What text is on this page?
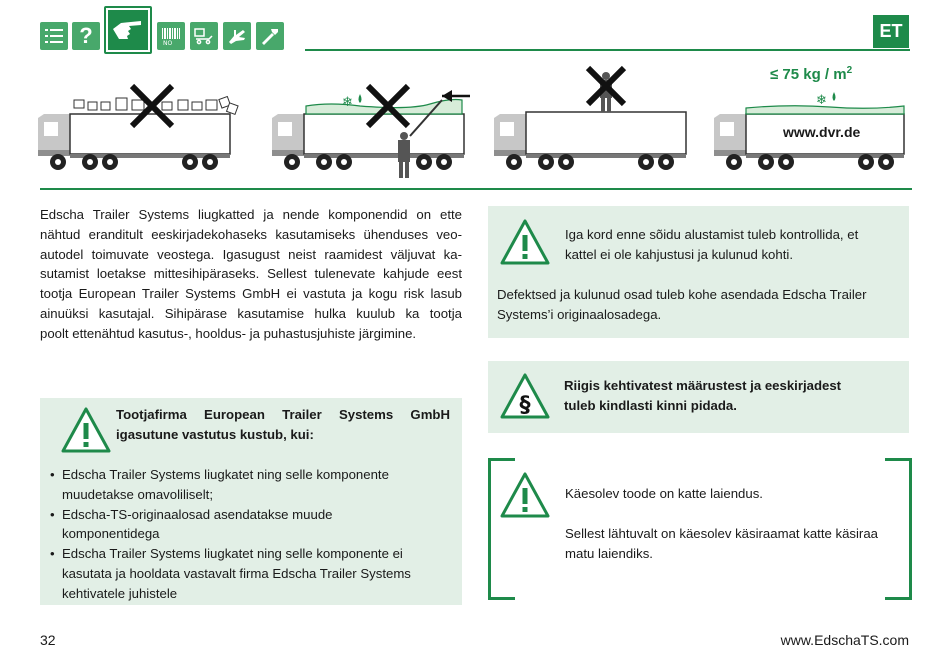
?	NO
ET
❄	❄
≤ 75 kg / $m^2$
www.dvr.de
Edscha Trailer Systems liugkatted ja nende komponendid on ette
nähtud eranditult eeskirjadekohaseks kasutamiseks ühenduses veo-
autodel toimuvate veostega. Igasugust neist raamidest väljuvat ka-
sutamist loetakse mittesihipäraseks. Sellest tulenevate kahjude eest
tootja European Trailer Systems GmbH ei vastuta ja kogu risk lasub
ainuüksi kasutajal. Sihipärase kasutamise hulka kuulub ka tootja
poolt ettenähtud kasutus-, hooldus- ja puhastusjuhiste järgimine.
Tootjafirma European Trailer Systems GmbH
igasutune vastutus kustub, kui:
• Edscha Trailer Systems liugkatet ning selle komponente
muudetakse omavoliliselt;
• Edscha-TS-originaalosad asendatakse muude
komponentidega
• Edscha Trailer Systems liugkatet ning selle komponente ei
kasutata ja hooldata vastavalt firma Edscha Trailer Systems
kehtivatele juhistele
Iga kord enne sõidu alustamist tuleb kontrollida, et
kattel ei ole kahjustusi ja kulunud kohti.
Defektsed ja kulunud osad tuleb kohe asendada Edscha Trailer
Systems’i originaalosadega.
§
Riigis kehtivatest määrustest ja eeskirjadest
tuleb kindlasti kinni pidada.
Käesolev toode on katte laiendus.
Sellest lähtuvalt on käesolev käsiraamat katte käsiraa
matu laiendiks.
32	www.EdschaTS.com
